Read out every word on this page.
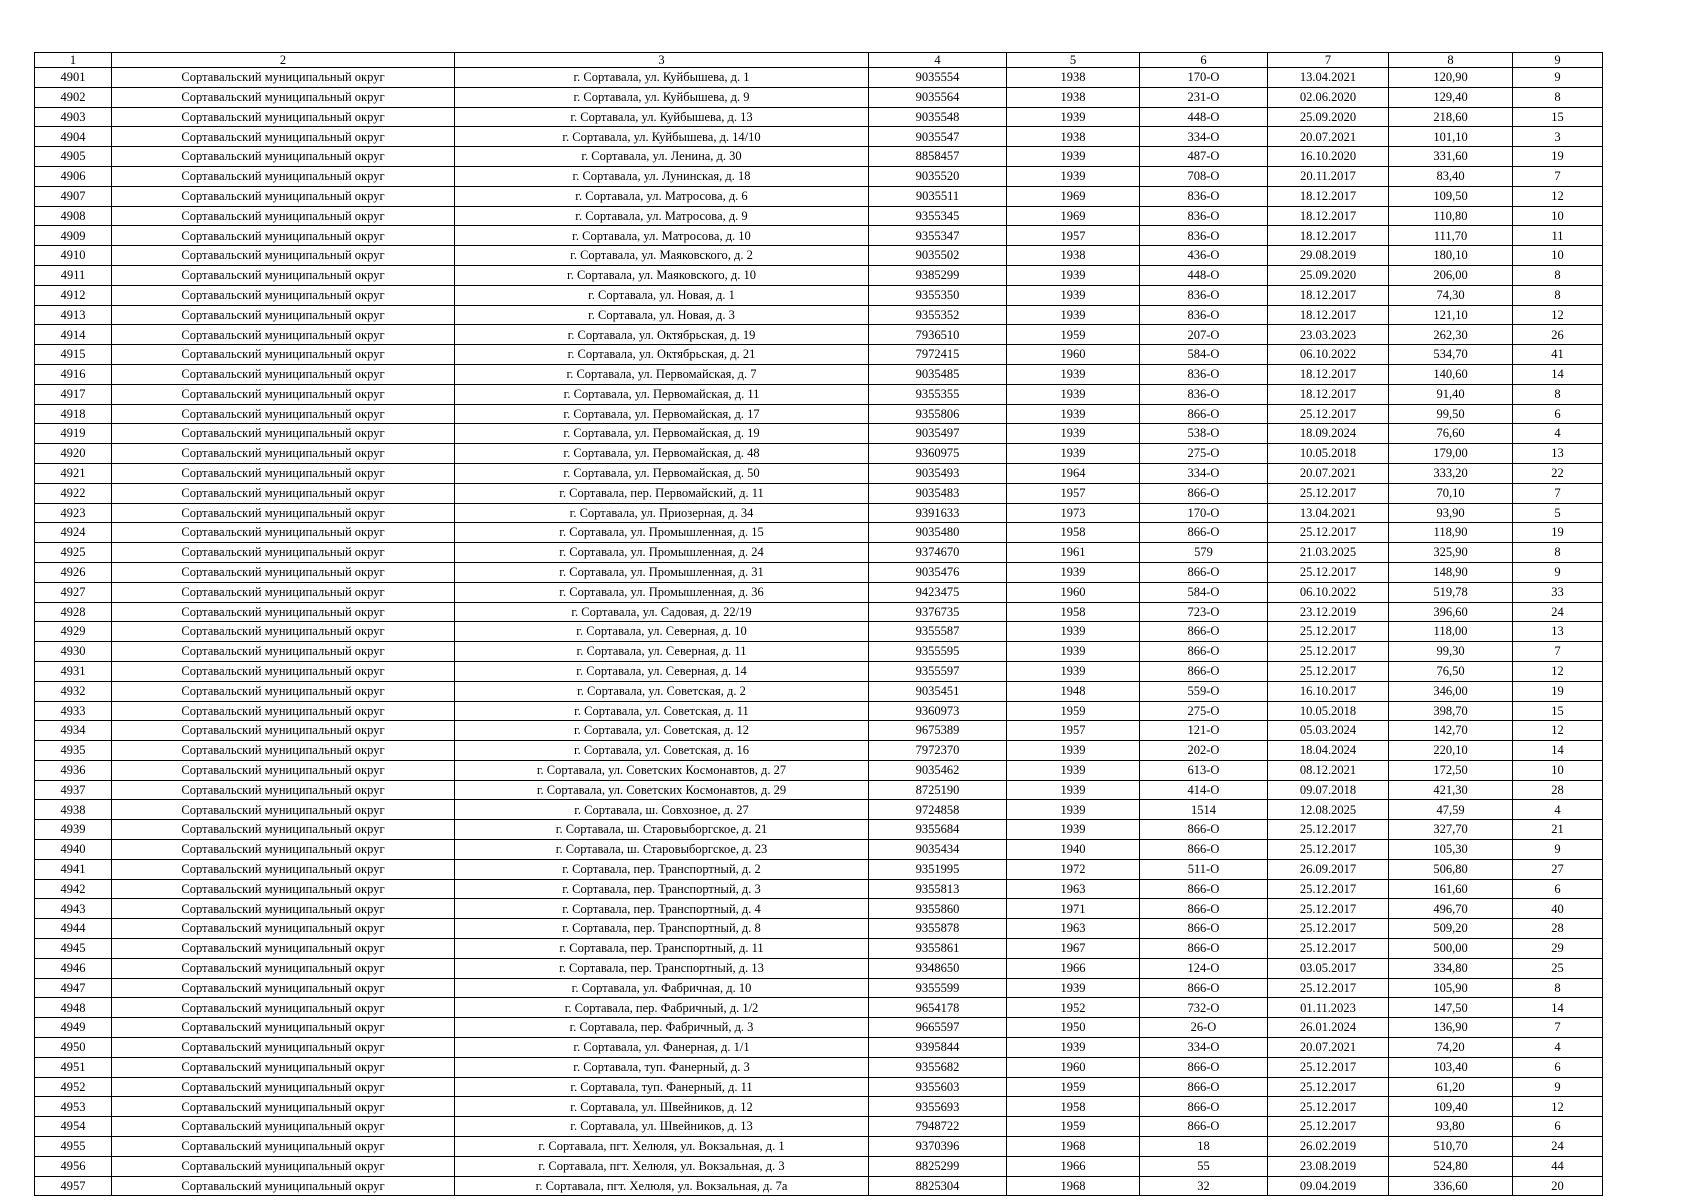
1	2	3	4	5	6	7	8	9
4901	Сортавальский муниципальный округ	г. Сортавала, ул. Куйбышева, д. 1	9035554	1938	170-О	13.04.2021	120,90	9
4902	Сортавальский муниципальный округ	г. Сортавала, ул. Куйбышева, д. 9	9035564	1938	231-О	02.06.2020	129,40	8
4903	Сортавальский муниципальный округ	г. Сортавала, ул. Куйбышева, д. 13	9035548	1939	448-О	25.09.2020	218,60	15
4904	Сортавальский муниципальный округ	г. Сортавала, ул. Куйбышева, д. 14/10	9035547	1938	334-О	20.07.2021	101,10	3
4905	Сортавальский муниципальный округ	г. Сортавала, ул. Ленина, д. 30	8858457	1939	487-О	16.10.2020	331,60	19
4906	Сортавальский муниципальный округ	г. Сортавала, ул. Лунинская, д. 18	9035520	1939	708-О	20.11.2017	83,40	7
4907	Сортавальский муниципальный округ	г. Сортавала, ул. Матросова, д. 6	9035511	1969	836-О	18.12.2017	109,50	12
4908	Сортавальский муниципальный округ	г. Сортавала, ул. Матросова, д. 9	9355345	1969	836-О	18.12.2017	110,80	10
4909	Сортавальский муниципальный округ	г. Сортавала, ул. Матросова, д. 10	9355347	1957	836-О	18.12.2017	111,70	11
4910	Сортавальский муниципальный округ	г. Сортавала, ул. Маяковского, д. 2	9035502	1938	436-О	29.08.2019	180,10	10
4911	Сортавальский муниципальный округ	г. Сортавала, ул. Маяковского, д. 10	9385299	1939	448-О	25.09.2020	206,00	8
4912	Сортавальский муниципальный округ	г. Сортавала, ул. Новая, д. 1	9355350	1939	836-О	18.12.2017	74,30	8
4913	Сортавальский муниципальный округ	г. Сортавала, ул. Новая, д. 3	9355352	1939	836-О	18.12.2017	121,10	12
4914	Сортавальский муниципальный округ	г. Сортавала, ул. Октябрьская, д. 19	7936510	1959	207-О	23.03.2023	262,30	26
4915	Сортавальский муниципальный округ	г. Сортавала, ул. Октябрьская, д. 21	7972415	1960	584-О	06.10.2022	534,70	41
4916	Сортавальский муниципальный округ	г. Сортавала, ул. Первомайская, д. 7	9035485	1939	836-О	18.12.2017	140,60	14
4917	Сортавальский муниципальный округ	г. Сортавала, ул. Первомайская, д. 11	9355355	1939	836-О	18.12.2017	91,40	8
4918	Сортавальский муниципальный округ	г. Сортавала, ул. Первомайская, д. 17	9355806	1939	866-О	25.12.2017	99,50	6
4919	Сортавальский муниципальный округ	г. Сортавала, ул. Первомайская, д. 19	9035497	1939	538-О	18.09.2024	76,60	4
4920	Сортавальский муниципальный округ	г. Сортавала, ул. Первомайская, д. 48	9360975	1939	275-О	10.05.2018	179,00	13
4921	Сортавальский муниципальный округ	г. Сортавала, ул. Первомайская, д. 50	9035493	1964	334-О	20.07.2021	333,20	22
4922	Сортавальский муниципальный округ	г. Сортавала, пер. Первомайский, д. 11	9035483	1957	866-О	25.12.2017	70,10	7
4923	Сортавальский муниципальный округ	г. Сортавала, ул. Приозерная, д. 34	9391633	1973	170-О	13.04.2021	93,90	5
4924	Сортавальский муниципальный округ	г. Сортавала, ул. Промышленная, д. 15	9035480	1958	866-О	25.12.2017	118,90	19
4925	Сортавальский муниципальный округ	г. Сортавала, ул. Промышленная, д. 24	9374670	1961	579	21.03.2025	325,90	8
4926	Сортавальский муниципальный округ	г. Сортавала, ул. Промышленная, д. 31	9035476	1939	866-О	25.12.2017	148,90	9
4927	Сортавальский муниципальный округ	г. Сортавала, ул. Промышленная, д. 36	9423475	1960	584-О	06.10.2022	519,78	33
4928	Сортавальский муниципальный округ	г. Сортавала, ул. Садовая, д. 22/19	9376735	1958	723-О	23.12.2019	396,60	24
4929	Сортавальский муниципальный округ	г. Сортавала, ул. Северная, д. 10	9355587	1939	866-О	25.12.2017	118,00	13
4930	Сортавальский муниципальный округ	г. Сортавала, ул. Северная, д. 11	9355595	1939	866-О	25.12.2017	99,30	7
4931	Сортавальский муниципальный округ	г. Сортавала, ул. Северная, д. 14	9355597	1939	866-О	25.12.2017	76,50	12
4932	Сортавальский муниципальный округ	г. Сортавала, ул. Советская, д. 2	9035451	1948	559-О	16.10.2017	346,00	19
4933	Сортавальский муниципальный округ	г. Сортавала, ул. Советская, д. 11	9360973	1959	275-О	10.05.2018	398,70	15
4934	Сортавальский муниципальный округ	г. Сортавала, ул. Советская, д. 12	9675389	1957	121-О	05.03.2024	142,70	12
4935	Сортавальский муниципальный округ	г. Сортавала, ул. Советская, д. 16	7972370	1939	202-О	18.04.2024	220,10	14
4936	Сортавальский муниципальный округ	г. Сортавала, ул. Советских Космонавтов, д. 27	9035462	1939	613-О	08.12.2021	172,50	10
4937	Сортавальский муниципальный округ	г. Сортавала, ул. Советских Космонавтов, д. 29	8725190	1939	414-О	09.07.2018	421,30	28
4938	Сортавальский муниципальный округ	г. Сортавала, ш. Совхозное, д. 27	9724858	1939	1514	12.08.2025	47,59	4
4939	Сортавальский муниципальный округ	г. Сортавала, ш. Старовыборгское, д. 21	9355684	1939	866-О	25.12.2017	327,70	21
4940	Сортавальский муниципальный округ	г. Сортавала, ш. Старовыборгское, д. 23	9035434	1940	866-О	25.12.2017	105,30	9
4941	Сортавальский муниципальный округ	г. Сортавала, пер. Транспортный, д. 2	9351995	1972	511-О	26.09.2017	506,80	27
4942	Сортавальский муниципальный округ	г. Сортавала, пер. Транспортный, д. 3	9355813	1963	866-О	25.12.2017	161,60	6
4943	Сортавальский муниципальный округ	г. Сортавала, пер. Транспортный, д. 4	9355860	1971	866-О	25.12.2017	496,70	40
4944	Сортавальский муниципальный округ	г. Сортавала, пер. Транспортный, д. 8	9355878	1963	866-О	25.12.2017	509,20	28
4945	Сортавальский муниципальный округ	г. Сортавала, пер. Транспортный, д. 11	9355861	1967	866-О	25.12.2017	500,00	29
4946	Сортавальский муниципальный округ	г. Сортавала, пер. Транспортный, д. 13	9348650	1966	124-О	03.05.2017	334,80	25
4947	Сортавальский муниципальный округ	г. Сортавала, ул. Фабричная, д. 10	9355599	1939	866-О	25.12.2017	105,90	8
4948	Сортавальский муниципальный округ	г. Сортавала, пер. Фабричный, д. 1/2	9654178	1952	732-О	01.11.2023	147,50	14
4949	Сортавальский муниципальный округ	г. Сортавала, пер. Фабричный, д. 3	9665597	1950	26-О	26.01.2024	136,90	7
4950	Сортавальский муниципальный округ	г. Сортавала, ул. Фанерная, д. 1/1	9395844	1939	334-О	20.07.2021	74,20	4
4951	Сортавальский муниципальный округ	г. Сортавала, туп. Фанерный, д. 3	9355682	1960	866-О	25.12.2017	103,40	6
4952	Сортавальский муниципальный округ	г. Сортавала, туп. Фанерный, д. 11	9355603	1959	866-О	25.12.2017	61,20	9
4953	Сортавальский муниципальный округ	г. Сортавала, ул. Швейников, д. 12	9355693	1958	866-О	25.12.2017	109,40	12
4954	Сортавальский муниципальный округ	г. Сортавала, ул. Швейников, д. 13	7948722	1959	866-О	25.12.2017	93,80	6
4955	Сортавальский муниципальный округ	г. Сортавала, пгт. Хелюля, ул. Вокзальная, д. 1	9370396	1968	18	26.02.2019	510,70	24
4956	Сортавальский муниципальный округ	г. Сортавала, пгт. Хелюля, ул. Вокзальная, д. 3	8825299	1966	55	23.08.2019	524,80	44
4957	Сортавальский муниципальный округ	г. Сортавала, пгт. Хелюля, ул. Вокзальная, д. 7а	8825304	1968	32	09.04.2019	336,60	20
